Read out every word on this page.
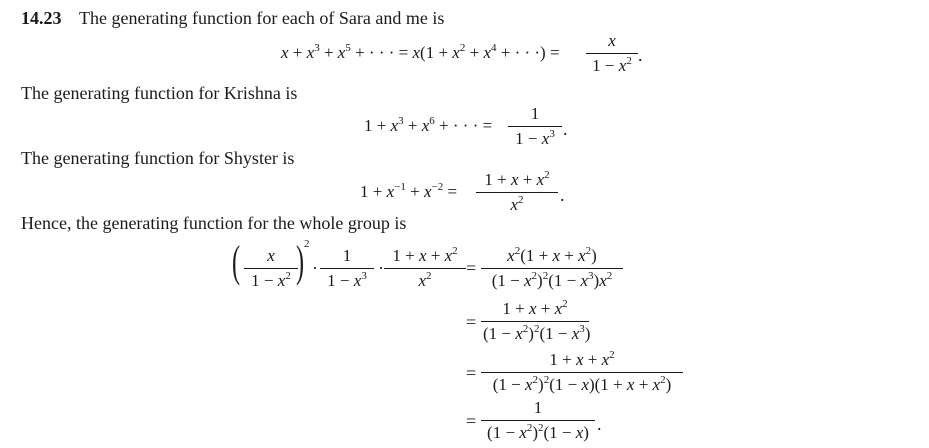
14.23 The generating function for each of Sara and me is
$x + x^3 + x^5$ + · · · = $x(1 + x^2 + x^4$ + · · ·) = $\frac{x}{1 - x^2}$ .
The generating function for Krishna is
$1 + x^3 + x^6$ + · · · = $\frac{1}{1 - x^3}$ .
The generating function for Shyster is
$1 + x^{-1} + x^{-2} = \frac{1 + x + x^2}{x^2}$ .
Hence, the generating function for the whole group is
( $\frac{x}{1 - x^2}$
) 2
· $\frac{1}{1 - x^3} \cdot \frac{1 + x + x^2}{x^2} = \frac{x^2(1 + x + x^2)}{(1 - x^2)^2(1 - x^3)x^2}$
= $\frac{1 + x + x^2}{(1 - x^2)^2(1 - x^3)}$
= $\frac{1 + x + x^2}{(1 - x^2)^2(1 - x)(1 + x + x^2)}$
= $\frac{1}{(1 - x^2)^2(1 - x)}$ .
